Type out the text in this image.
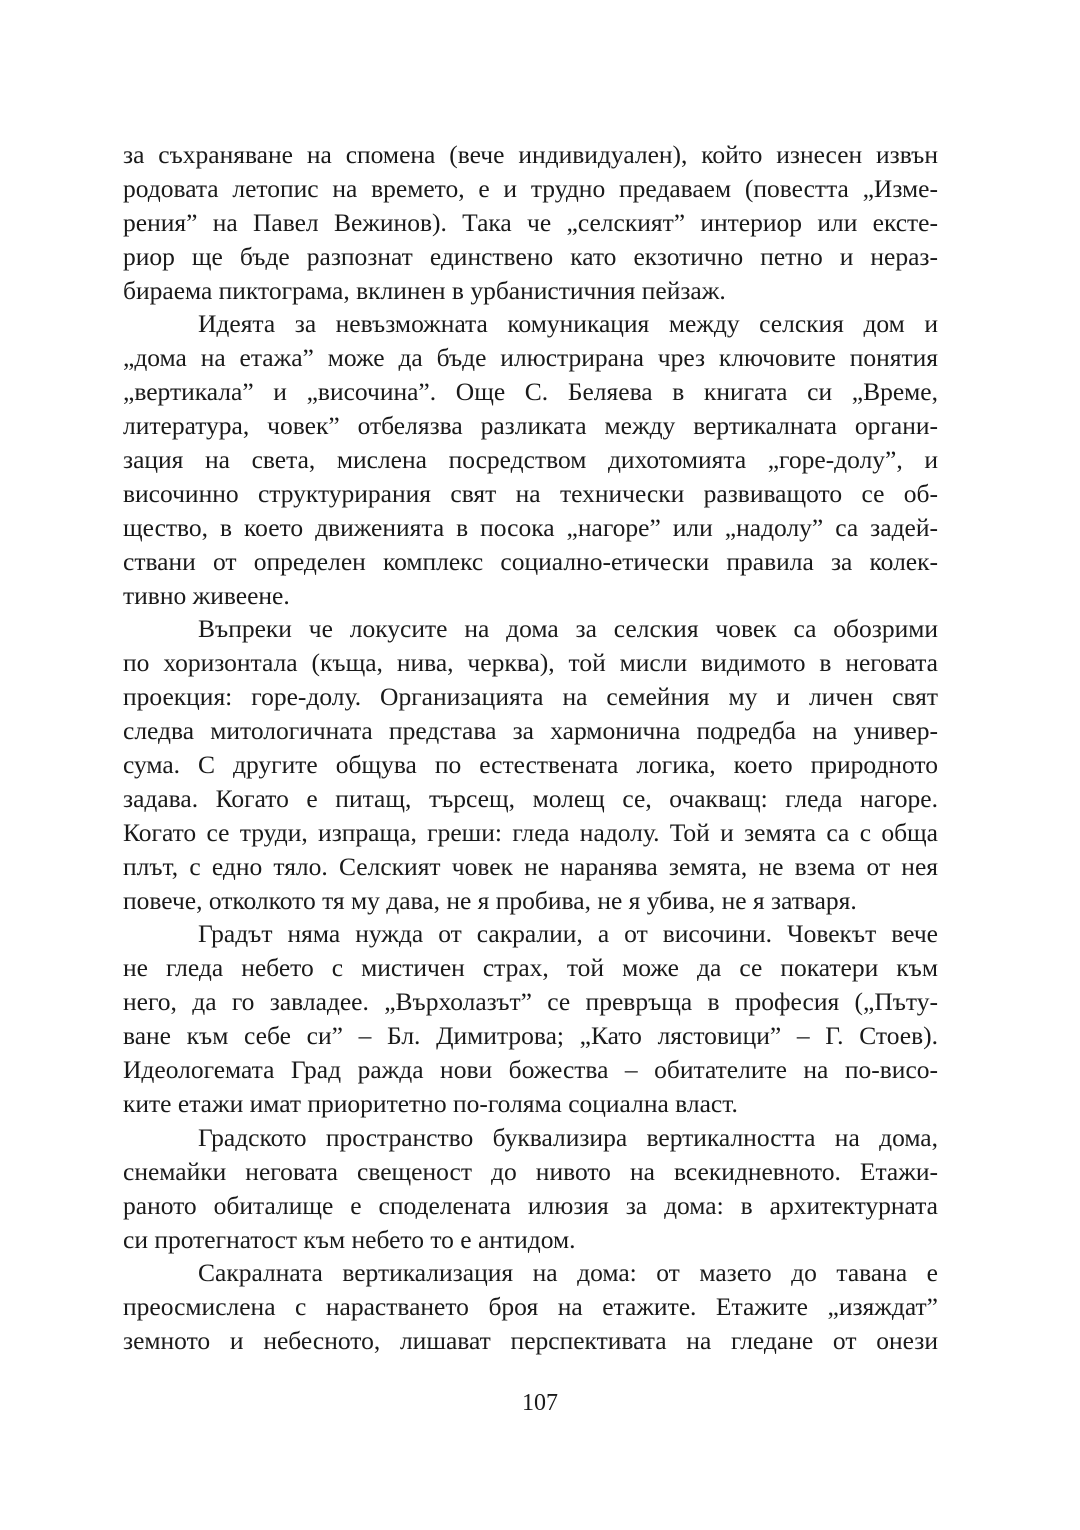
за съхраняване на спомена (вече индивидуален), който изнесен извън
родовата летопис на времето, е и трудно предаваем (повестта „Изме-
рения” на Павел Вежинов). Така че „селският” интериор или ексте-
риор ще бъде разпознат единствено като екзотично петно и нераз-
бираема пиктограма, вклинен в урбанистичния пейзаж.
Идеята за невъзможната комуникация между селския дом и
„дома на етажа” може да бъде илюстрирана чрез ключовите понятия
„вертикала” и „височина”. Още С. Беляева в книгата си „Време,
литература, човек” отбелязва разликата между вертикалната органи-
зация на света, мислена посредством дихотомията „горе-долу”, и
височинно структурирания свят на технически развиващото се об-
щество, в което движенията в посока „нагоре” или „надолу” са задей-
ствани от определен комплекс социално-етически правила за колек-
тивно живеене.
Въпреки че локусите на дома за селския човек са обозрими
по хоризонтала (къща, нива, черква), той мисли видимото в неговата
проекция: горе-долу. Организацията на семейния му и личен свят
следва митологичната представа за хармонична подредба на универ-
сума. С другите общува по естествената логика, което природното
задава. Когато е питащ, търсещ, молещ се, очакващ: гледа нагоре.
Когато се труди, изпраща, греши: гледа надолу. Той и земята са с обща
плът, с едно тяло. Селският човек не наранява земята, не взема от нея
повече, отколкото тя му дава, не я пробива, не я убива, не я затваря.
Градът няма нужда от сакралии, а от височини. Човекът вече
не гледа небето с мистичен страх, той може да се покатери към
него, да го завладее. „Върхолазът” се превръща в професия („Пъту-
ване към себе си” – Бл. Димитрова; „Като лястовици” – Г. Стоев).
Идеологемата Град ражда нови божества – обитателите на по-висо-
ките етажи имат приоритетно по-голяма социална власт.
Градското пространство буквализира вертикалността на дома,
снемайки неговата свещеност до нивото на всекидневното. Етажи-
раното обиталище е споделената илюзия за дома: в архитектурната
си протегнатост към небето то е антидом.
Сакралната вертикализация на дома: от мазето до тавана е
преосмислена с нарастването броя на етажите. Етажите „изяждат”
земното и небесното, лишават перспективата на гледане от онези
107
